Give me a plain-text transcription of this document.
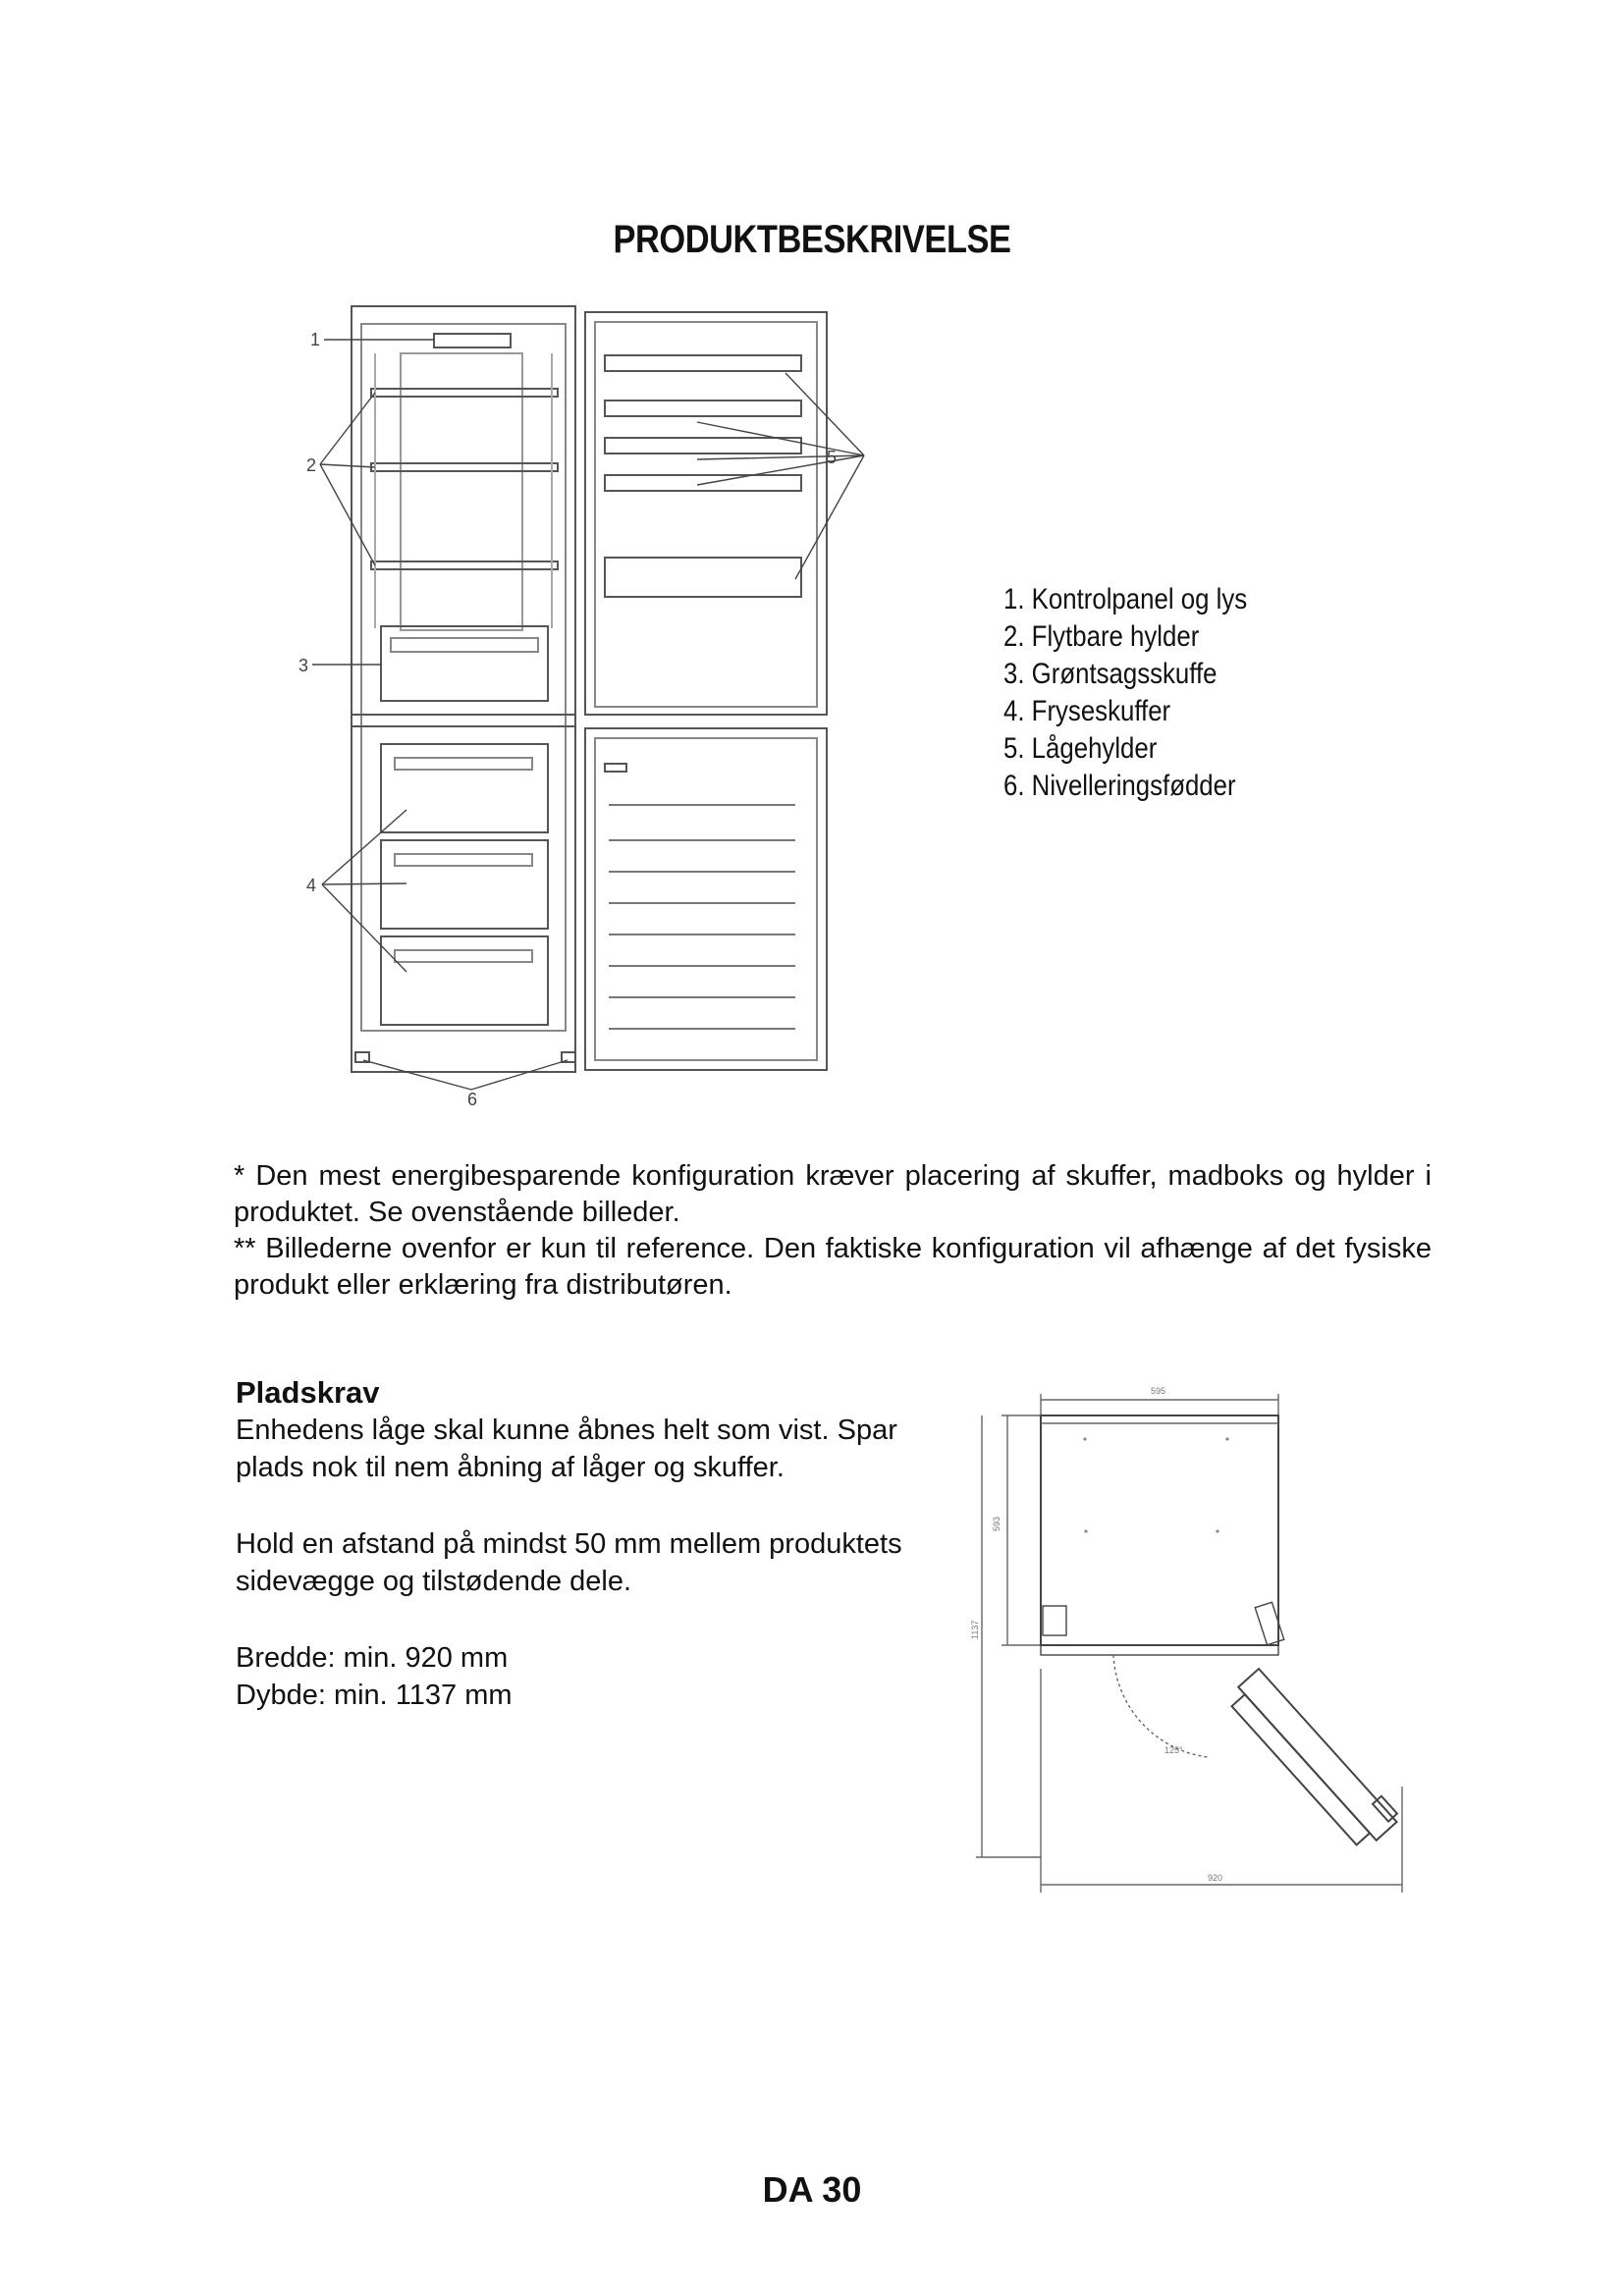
PRODUKTBESKRIVELSE
1
2
3
4
5
6
1. Kontrolpanel og lys
2. Flytbare hylder
3. Grøntsagsskuffe
4. Fryseskuffer
5. Lågehylder
6. Nivelleringsfødder

* Den mest energibesparende konfiguration kræver placering af skuffer, madboks og hylder i produktet. Se ovenstående billeder.

** Billederne ovenfor er kun til reference. Den faktiske konfiguration vil afhænge af det fysiske produkt eller erklæring fra distributøren.

Pladskrav

Enhedens låge skal kunne åbnes helt som vist. Spar plads nok til nem åbning af låger og skuffer.

Hold en afstand på mindst 50 mm mellem produktets sidevægge og tilstødende dele.

Bredde: min. 920 mm

Dybde: min. 1137 mm

595
593
1137
920
125°
DA 30
